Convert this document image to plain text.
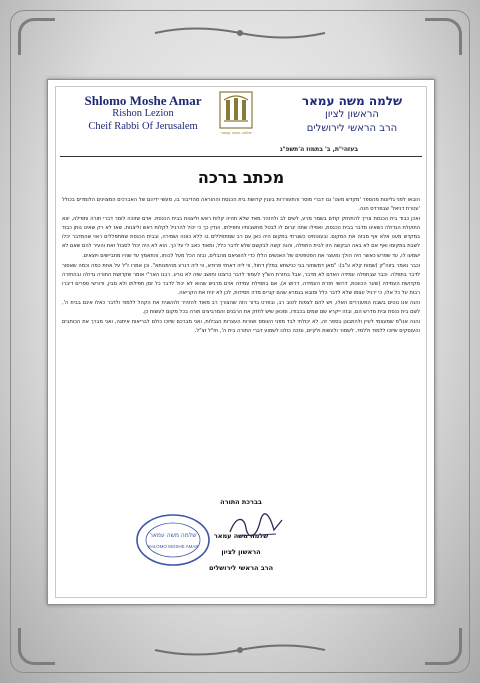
Shlomo Moshe Amar
Rishon Lezion
Cheif Rabbi Of Jerusalem
שלמה משה עמאר
שלמה משה עמאר
הראשון לציון
הרב הראשי לירושלים
בעזהי"ת, ב' בתמוז ה'תשפ"ג
מכתב ברכה

הובאו לפני גליונות מהספר 'מקדש מעט' ובו דברי מוסר והתעוררות בענין קדושת בית הכנסת וההוראה מהדיבור בו, מעשי ידיהם של האברכים המצוינים הלומדים בכולל 'עטרת דניאל' שבפרדס חנה.

ואכן כבוד בית הכנסת צריך להתחזק קודם בשמר מרע, לשים לב ולהזהר מאד שלא תהיה קלות ראש וליצנות בבית הכנסת. אדם שזוכה לומר דברי תורה ותפילה, יצא התועלת הגדולה כשאינו מדבר בבית הכנסת, ואפילו שתה יגרום לו לבטל מחשבותיו ותפילתו. ועדין כך כי יכול להרגיל לקלות ראש וליצנות, שאז לא רק שאינו נותן כבוד במקדש מעט אלא אף מבזה את המקום. ובעונותינו כשגרתי במקום היה כאן עם רב שמתפללים בו ללא כוונה ושמירה, ובבית הכנסת שמתפללים ראוי שהמדבר יכלו לשבת במקומו ואף אם לא באה הבקשה הזו לבית התפלה, והנה קשה לבקשם שלא לדבר כלל, ומאוד כאב לי על כך. הוא לא היה יכול לסבול זאת והעיר להם שאם לא ישמעו לו, עד שפרש כאשר היה הולך ומעצר את הפטפטים של האנשים הללו כדי להוציאם מהבלים, ובזה הכל מעל לכוחו, והתאמץ עד שהיו מתביישים ויוצאים.

וכבר נאמר בזוה"ק (שמות קלא ע"ב): "מאן דמשתעי בבי כנישתא במלין דחול, ווי ליה דאחזי פרודא, ווי ליה דגרע מהימנותא". וכן אמרו ז"ל על אחת כמה וכמה שאסור לדבר בתפלה. וכבר שבתפלה עמידה האדם לא מדבר, אבל בחזרת הש"ץ לעמוד לדבר כרצונו וחושב שזה לא גורע. רבנו האר"י אומר שקדושת התורה גדולה ובהחזרה מקדושת העמידה (שער הכוונות, דרושי חזרת העמידה, דרוש א), אם בתפילת עמידה אדם מרגיש שהוא לא יכול לדבר כל זמן תפילתו ולא מבין, ודורשי ספרים דיברו רבות על כל אלו, כי ירגיל עצמו שלא לדבר כלל ומובא בגמרא שהם קורים מדה חסידות, לכן לא יניח את הקריאה.

והנה אנו נוטים בשבח המעוררים האלו, ויש להם לצפות לטוב רב, ובפרט בדור הזה שהצורך רב מאוד להזהיר ולהשגיח את הקהל ללמוד ולדבר כאלו אינם בבית ה', לשם בית כנסת ובית מדרש הם, ובזה ייקרא שם שמים בכבודו, ומכאן שיש לחזק את הרבנים והמרביצים תורה בכל מקום לעשות כן.

והנה אנו"פ שמעצמי לעיין ולהתבונן בספר זה, לא יכולתי לבד מפני העומס ושורות העצרות הגבלות, ואני מברכם שיזכו כולם לבריאות איתנה, ואני מברך את הכותבים והעוסקים שיזכו ללמוד וללמד, לשמור ולעשות ולקיים, ונזכה כולנו לשמוע דברי התורה בית ה', חז"ל זצ"ל.

בברכת התורה
שלמה משה עמאר
הראשון לציון
הרב הראשי לירושלים
שלמה משה עמאר
SHLOMO MOSHE AMAR
